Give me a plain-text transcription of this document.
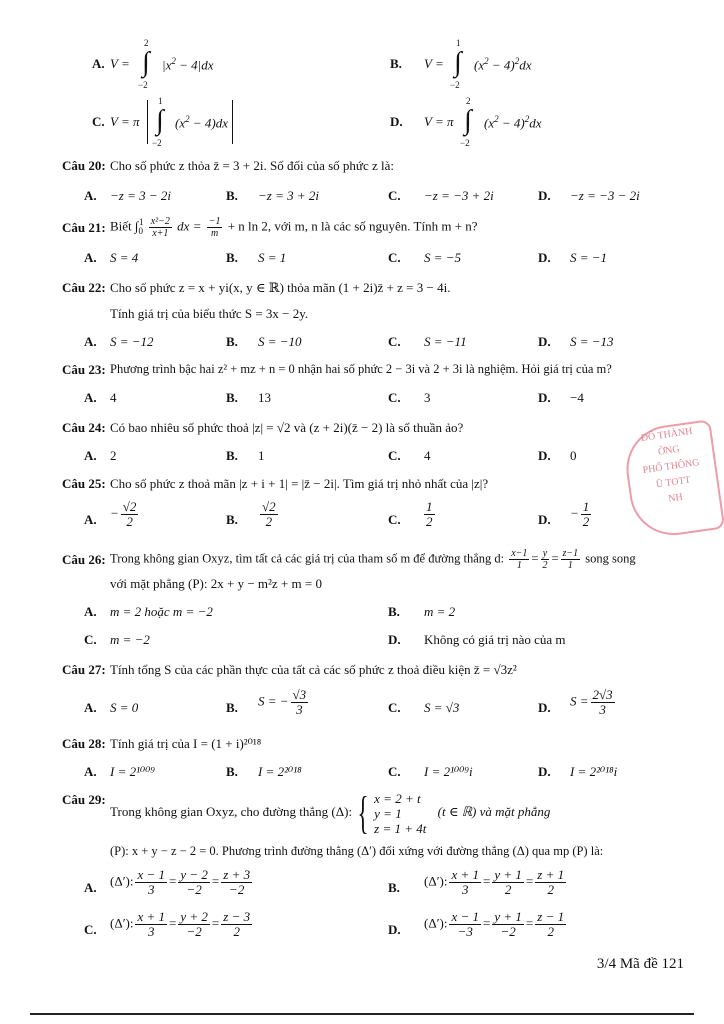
A. V =
2
∫
−2
$|x^2 - 4|dx$	B. V =
1
∫
−2
$(x^2 - 4)^2dx$
C. V = π
1
∫
−2
$(x^2 - 4)dx$	D. V = π
2
∫
−2
$(x^2 - 4)^2dx$
Câu 20: Cho số phức z thỏa z̄ = 3 + 2i. Số đối của số phức z là:
A. −z = 3 − 2i	B. −z = 3 + 2i	C. −z = −3 + 2i	D. −z = −3 − 2i
Câu 21: Biết $\int_0^1 \frac{\text{x²−2}}{x+1}$ dx = $\frac{-1}{m} + n$ ln 2, với m, n là các số nguyên. Tính m + n?
A. S = 4	B. S = 1	C. S = −5	D. S = −1
Câu 22: Cho số phức z = x + yi(x, y ∈ ℝ) thỏa mãn (1 + 2i)z̄ + z = 3 − 4i.
Tính giá trị của biểu thức S = 3x − 2y.
A. S = −12	B. S = −10	C. S = −11	D. S = −13
Câu 23: Phương trình bậc hai z² + mz + n = 0 nhận hai số phức 2 − 3i và 2 + 3i là nghiệm. Hỏi giá trị của m?
A. 4	B. 13	C. 3	D. −4
Câu 24: Có bao nhiêu số phức thoả |z| = √2 và (z + 2i)(z̄ − 2) là số thuần ảo?
A. 2	B. 1	C. 4	D. 0
Câu 25: Cho số phức z thoả mãn |z + i + 1| = |z̄ − 2i|. Tìm giá trị nhỏ nhất của |z|?
A. − $\frac{√2}{2}$	B. $\frac{√2}{2}$	C. $\frac{1}{2}$	D. − $\frac{1}{2}$
Câu 26: Trong không gian Oxyz, tìm tất cả các giá trị của tham số m để đường thẳng d: $\frac{x-1}{1} = \frac{y}{2} = \frac{z-1}{1}$ song song
với mặt phẳng (P): 2x + y − m²z + m = 0
A. m = 2 hoặc m = −2	B. m = 2
C. m = −2	D. Không có giá trị nào của m
Câu 27: Tính tổng S của các phần thực của tất cả các số phức z thoả điều kiện z̄ = √3z²
A. S = 0	B. S = − $\frac{√3}{3}$	C. S = √3	D. $S = \frac{2√3}{3}$
Câu 28: Tính giá trị của I = (1 + i)²⁰¹⁸
A. I = 2¹⁰⁰⁹	B. I = 2²⁰¹⁸	C. I = 2¹⁰⁰⁹i	D. I = 2²⁰¹⁸i
Câu 29:
Trong không gian Oxyz, cho đường thẳng (Δ): { x = 2 + t
y = 1
z = 1 + 4t
(t ∈ ℝ) và mặt phẳng
(P): x + y − z − 2 = 0. Phương trình đường thẳng (Δ′) đối xứng với đường thẳng (Δ) qua mp (P) là:
A. (Δ′): $\frac{x - 1}{3} = \frac{y - 2}{-2} = \frac{z + 3}{-2}$	B. (Δ′): $\frac{x + 1}{3} = \frac{y + 1}{2} = \frac{z + 1}{2}$
C. (Δ′): $\frac{x + 1}{3} = \frac{y + 2}{-2} = \frac{z - 3}{2}$	D. (Δ′): $\frac{x - 1}{-3} = \frac{y + 1}{-2} = \frac{z - 1}{2}$
ĐÔ THÀNH
ỜNG
PHỔ THÔNG
Ũ TOTT
NH
3/4 Mã đề 121
